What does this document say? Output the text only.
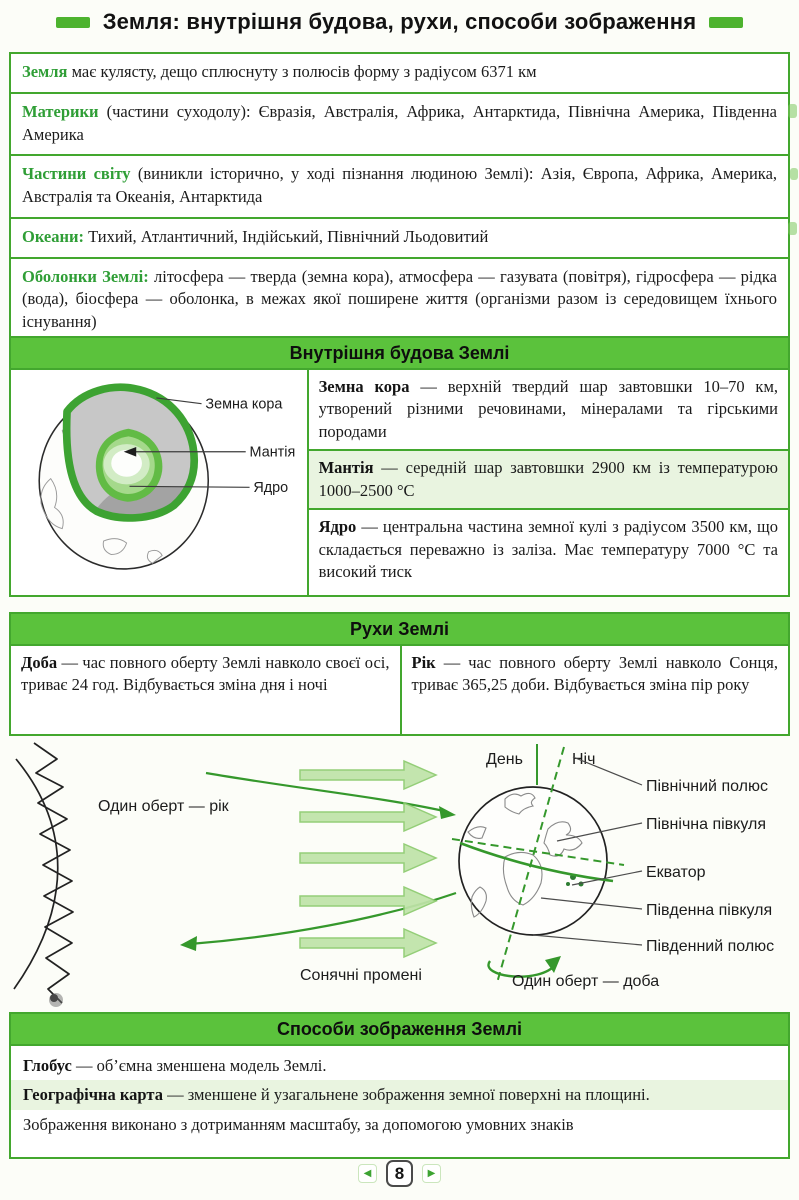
Земля: внутрішня будова, рухи, способи зображення
Земля має кулясту, дещо сплюснуту з полюсів форму з радіусом 6371 км
Материки (частини суходолу): Євразія, Австралія, Африка, Антарктида, Північна Америка, Південна Америка
Частини світу (виникли історично, у ході пізнання людиною Землі): Азія, Європа, Африка, Америка, Австралія та Океанія, Антарктида
Океани: Тихий, Атлантичний, Індійський, Північний Льодовитий
Оболонки Землі: літосфера — тверда (земна кора), атмосфера — газувата (повітря), гідросфера — рідка (вода), біосфера — оболонка, в межах якої поширене життя (організми разом із середовищем їхнього існування)
Внутрішня будова Землі
Земна кора
Мантія
Ядро
Земна кора — верхній твердий шар завтовшки 10–70 км, утворений різними речовинами, мінералами та гірськими породами
Мантія — середній шар завтовшки 2900 км із температурою 1000–2500 °С
Ядро — центральна частина земної кулі з радіусом 3500 км, що складається переважно із заліза. Має температуру 7000 °С та високий тиск
Рухи Землі
Доба — час повного оберту Землі навколо своєї осі, триває 24 год. Відбувається зміна дня і ночі
Рік — час повного оберту Землі навколо Сонця, триває 365,25 доби. Відбувається зміна пір року
Один оберт — рік
Сонячні промені
День	Ніч
Північний полюс
Північна півкуля
Екватор
Південна півкуля
Південний полюс
Один оберт — доба
Способи зображення Землі

Глобус — об’ємна зменшена модель Землі.

Географічна карта — зменшене й узагальнене зображення земної поверхні на площині.

Зображення виконано з дотриманням масштабу, за допомогою умовних знаків

◀	8	▶
